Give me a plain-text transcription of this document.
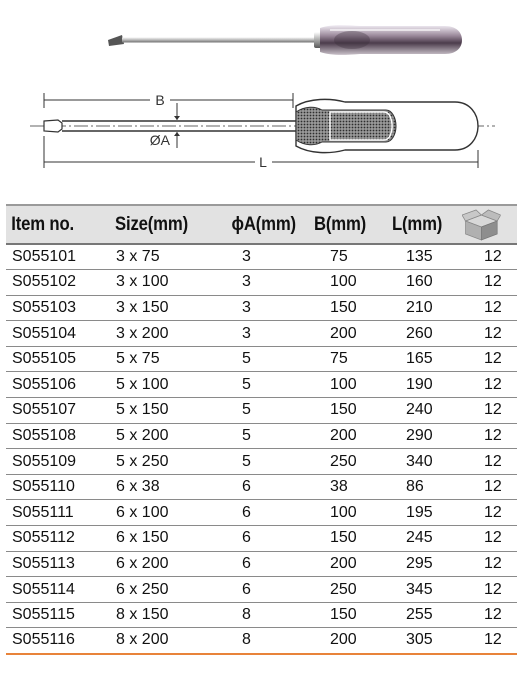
B
ØA
L
Item no.	Size(mm)	ϕA(mm)	B(mm)	L(mm)	
S055101	3 x 75	3	75	135	12
S055102	3 x 100	3	100	160	12
S055103	3 x 150	3	150	210	12
S055104	3 x 200	3	200	260	12
S055105	5 x 75	5	75	165	12
S055106	5 x 100	5	100	190	12
S055107	5 x 150	5	150	240	12
S055108	5 x 200	5	200	290	12
S055109	5 x 250	5	250	340	12
S055110	6 x 38	6	38	86	12
S055111	6 x 100	6	100	195	12
S055112	6 x 150	6	150	245	12
S055113	6 x 200	6	200	295	12
S055114	6 x 250	6	250	345	12
S055115	8 x 150	8	150	255	12
S055116	8 x 200	8	200	305	12
